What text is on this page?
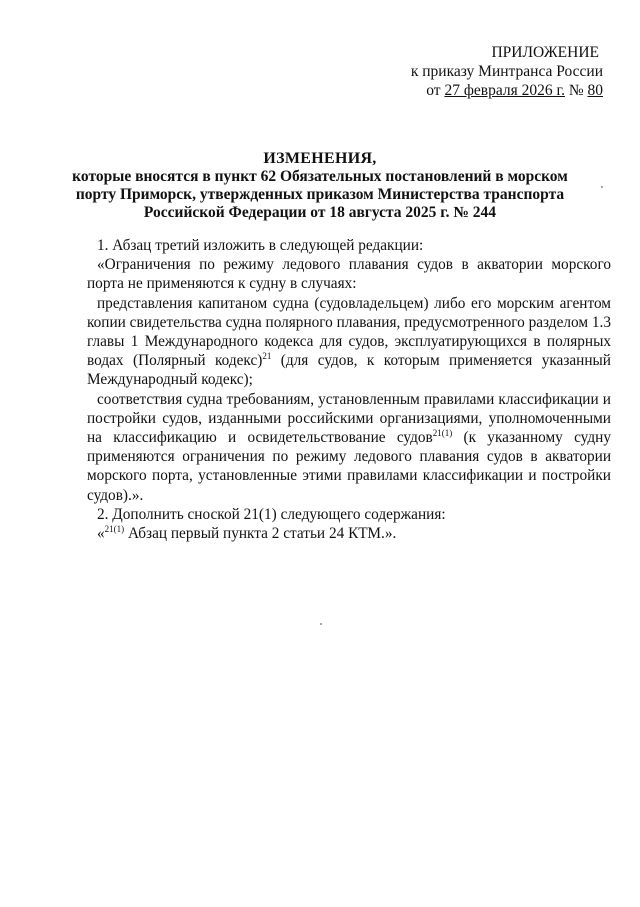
ПРИЛОЖЕНИЕ
к приказу Минтранса России
от 27 февраля 2026 г. № 80
ИЗМЕНЕНИЯ,
которые вносятся в пункт 62 Обязательных постановлений в морском порту Приморск, утвержденных приказом Министерства транспорта Российской Федерации от 18 августа 2025 г. № 244

1. Абзац третий изложить в следующей редакции:

«Ограничения по режиму ледового плавания судов в акватории морского порта не применяются к судну в случаях:

представления капитаном судна (судовладельцем) либо его морским агентом копии свидетельства судна полярного плавания, предусмотренного разделом 1.3 главы 1 Международного кодекса для судов, эксплуатирующихся в полярных водах (Полярный кодекс)$^{21}$ (для судов, к которым применяется указанный Международный кодекс);

соответствия судна требованиям, установленным правилами классификации и постройки судов, изданными российскими организациями, уполномоченными на классификацию и освидетельствование судов$^{21(1)}$ (к указанному судну применяются ограничения по режиму ледового плавания судов в акватории морского порта, установленные этими правилами классификации и постройки судов).».

2. Дополнить сноской 21(1) следующего содержания:

«$^{21(1)}$ Абзац первый пункта 2 статьи 24 КТМ.».
